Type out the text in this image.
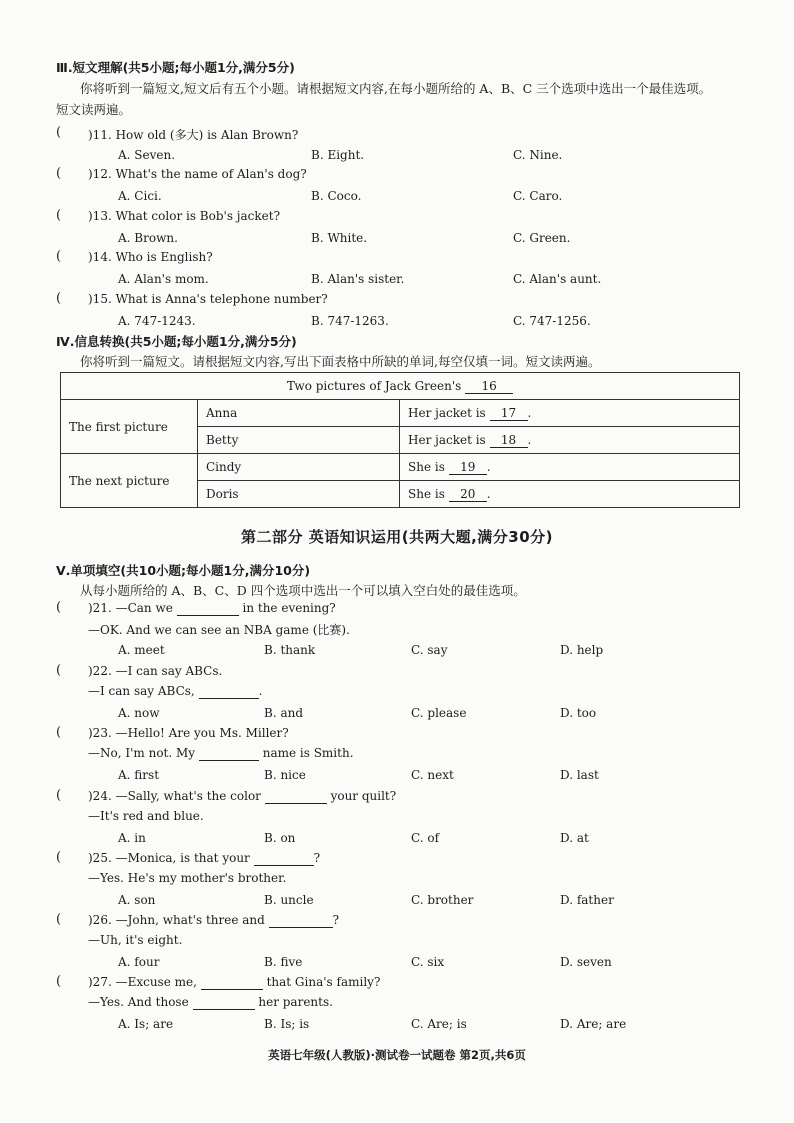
Ⅲ.短文理解(共5小题;每小题1分,满分5分)
你将听到一篇短文,短文后有五个小题。请根据短文内容,在每小题所给的 A、B、C 三个选项中选出一个最佳选项。
短文读两遍。
( )11. How old (多大) is Alan Brown?
A. Seven.	B. Eight.	C. Nine.
( )12. What's the name of Alan's dog?
A. Cici.	B. Coco.	C. Caro.
( )13. What color is Bob's jacket?
A. Brown.	B. White.	C. Green.
( )14. Who is English?
A. Alan's mom.	B. Alan's sister.	C. Alan's aunt.
( )15. What is Anna's telephone number?
A. 747-1243.	B. 747-1263.	C. 747-1256.
Ⅳ.信息转换(共5小题;每小题1分,满分5分)
你将听到一篇短文。请根据短文内容,写出下面表格中所缺的单词,每空仅填一词。短文读两遍。
Two pictures of Jack Green's 16		
The first picture	Anna	Her jacket is 17 .
	Betty	Her jacket is 18 .
The next picture	Cindy	She is 19 .
	Doris	She is 20 .
第二部分 英语知识运用(共两大题,满分30分)
Ⅴ.单项填空(共10小题;每小题1分,满分10分)
从每小题所给的 A、B、C、D 四个选项中选出一个可以填入空白处的最佳选项。
( )21. —Can we	in the evening?
—OK. And we can see an NBA game (比赛).
A. meet	B. thank	C. say	D. help
( )22. —I can say ABCs.
—I can say ABCs,	.
A. now	B. and	C. please	D. too
( )23. —Hello! Are you Ms. Miller?
—No, I'm not. My	name is Smith.
A. first	B. nice	C. next	D. last
( )24. —Sally, what's the color	your quilt?
—It's red and blue.
A. in	B. on	C. of	D. at
( )25. —Monica, is that your	?
—Yes. He's my mother's brother.
A. son	B. uncle	C. brother	D. father
( )26. —John, what's three and	?
—Uh, it's eight.
A. four	B. five	C. six	D. seven
( )27. —Excuse me,	that Gina's family?
—Yes. And those	her parents.
A. Is; are	B. Is; is	C. Are; is	D. Are; are
英语七年级(人教版)·测试卷一试题卷 第2页,共6页
